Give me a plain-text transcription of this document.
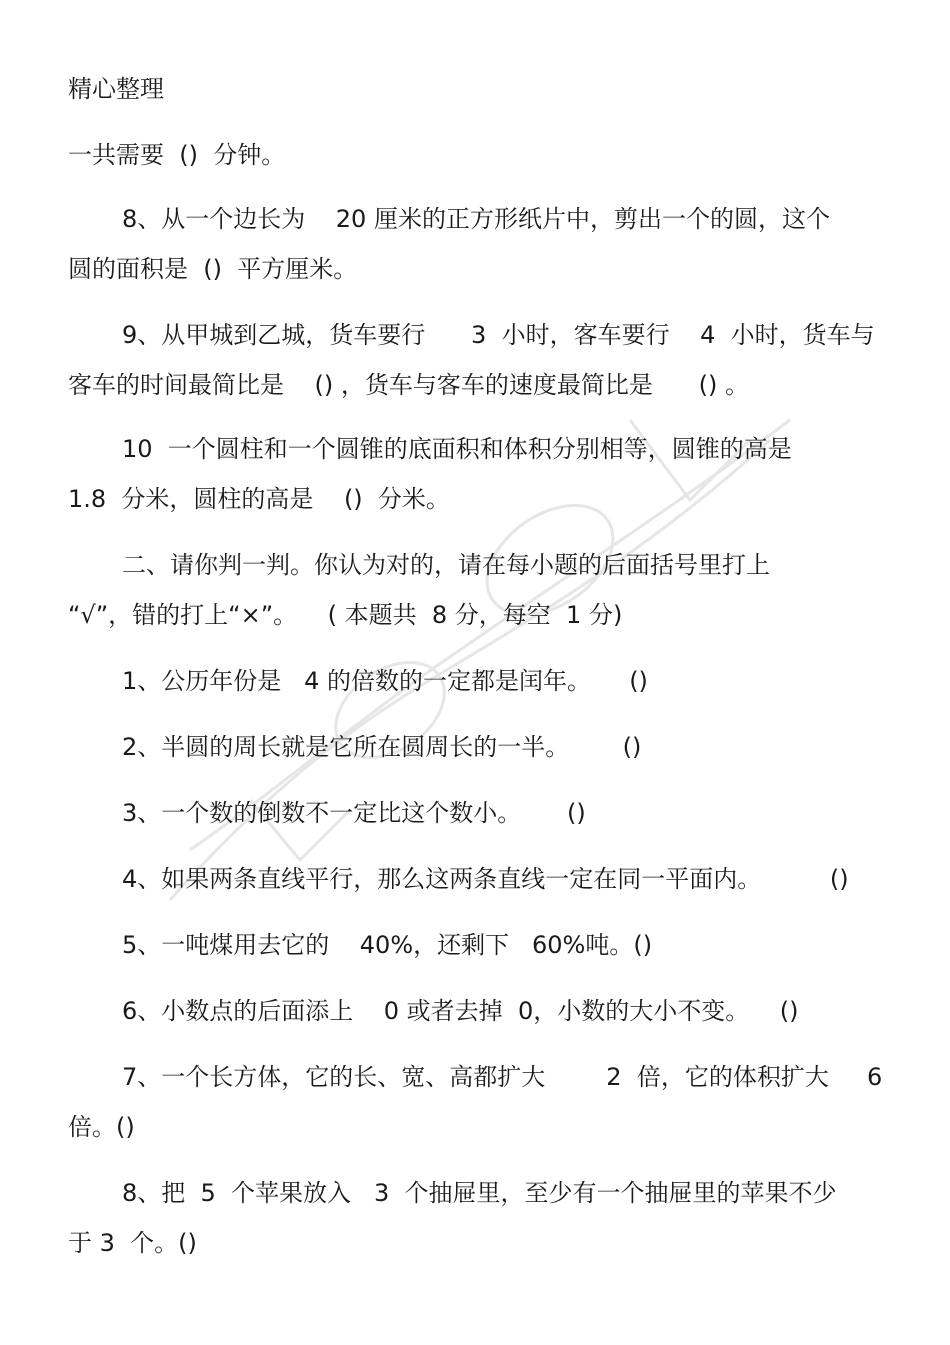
精心整理
一共需要  ()  分钟。
8、从一个边长为    20 厘米的正方形纸片中，剪出一个的圆，这个
圆的面积是  ()  平方厘米。
9、从甲城到乙城，货车要行      3  小时，客车要行    4  小时，货车与
客车的时间最简比是    () ，货车与客车的速度最简比是      () 。
10  一个圆柱和一个圆锥的底面积和体积分别相等，圆锥的高是
1.8  分米，圆柱的高是    ()  分米。
二、请你判一判。你认为对的，请在每小题的后面括号里打上
“√”，错的打上“×”。    ( 本题共  8 分，每空  1 分)
1、公历年份是   4 的倍数的一定都是闰年。     ()
2、半圆的周长就是它所在圆周长的一半。       ()
3、一个数的倒数不一定比这个数小。      ()
4、如果两条直线平行，那么这两条直线一定在同一平面内。         ()
5、一吨煤用去它的    40%，还剩下   60%吨。()
6、小数点的后面添上    0 或者去掉  0，小数的大小不变。    ()
7、一个长方体，它的长、宽、高都扩大        2  倍，它的体积扩大     6
倍。()
8、把  5  个苹果放入   3  个抽屉里，至少有一个抽屉里的苹果不少
于 3  个。()
